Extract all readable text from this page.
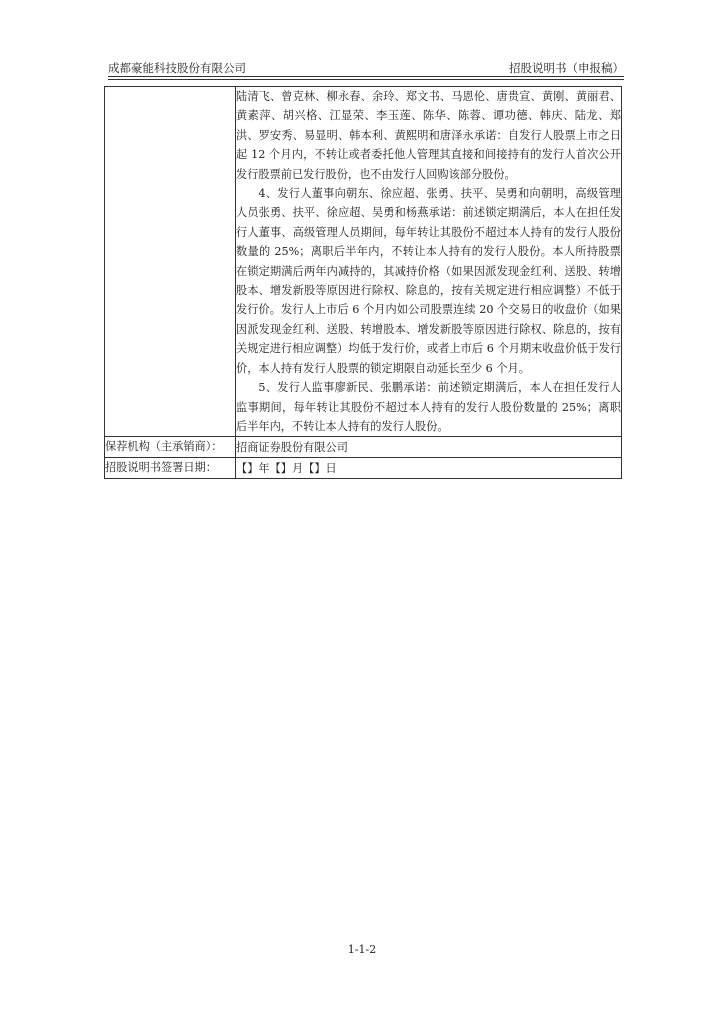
成都豪能科技股份有限公司	招股说明书（申报稿）

	陆清飞、曾克林、柳永春、余玲、郑文书、马恩伦、唐贵宣、黄刚、黄丽君、黄素萍、胡兴格、江显荣、李玉莲、陈华、陈蓉、谭功德、韩庆、陆龙、郑洪、罗安秀、易显明、韩本利、黄熙明和唐泽永承诺：自发行人股票上市之日起 12 个月内，不转让或者委托他人管理其直接和间接持有的发行人首次公开发行股票前已发行股份，也不由发行人回购该部分股份。

4、发行人董事向朝东、徐应超、张勇、扶平、吴勇和向朝明，高级管理人员张勇、扶平、徐应超、吴勇和杨燕承诺：前述锁定期满后，本人在担任发行人董事、高级管理人员期间，每年转让其股份不超过本人持有的发行人股份数量的 25%；离职后半年内，不转让本人持有的发行人股份。本人所持股票在锁定期满后两年内减持的，其减持价格（如果因派发现金红利、送股、转增股本、增发新股等原因进行除权、除息的，按有关规定进行相应调整）不低于发行价。发行人上市后 6 个月内如公司股票连续 20 个交易日的收盘价（如果因派发现金红利、送股、转增股本、增发新股等原因进行除权、除息的，按有关规定进行相应调整）均低于发行价，或者上市后 6 个月期末收盘价低于发行价，本人持有发行人股票的锁定期限自动延长至少 6 个月。

5、发行人监事廖新民、张鹏承诺：前述锁定期满后，本人在担任发行人监事期间，每年转让其股份不超过本人持有的发行人股份数量的 25%；离职后半年内，不转让本人持有的发行人股份。

保荐机构（主承销商）：	招商证券股份有限公司
招股说明书签署日期：	【】年【】月【】日
1-1-2
